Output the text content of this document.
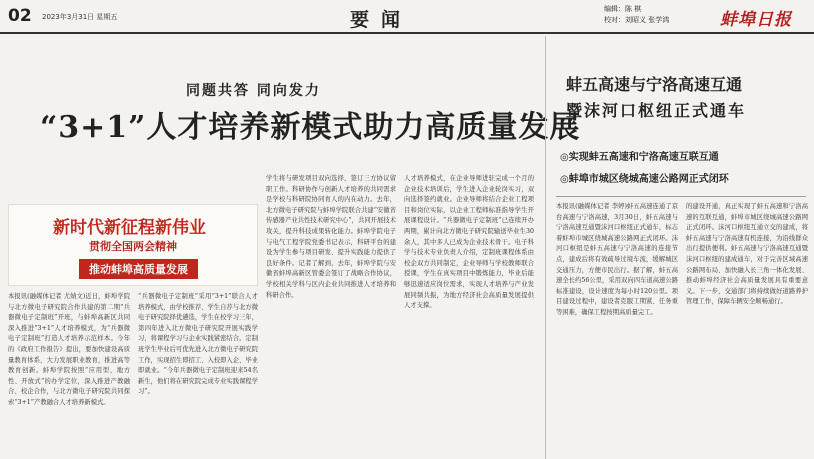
02 2023年3月31日 星期五	要闻	编辑：陈 棋
校对：刘昭义 张学鸿	蚌埠日报
同题共答 同向发力
“3+1”人才培养新模式助力高质量发展
新时代新征程新伟业
贯彻全国两会精神
推动蚌埠高质量发展
本报讯(融媒体记者 尤婧文)近日，蚌埠学院与北方微电子研究院合作共建的第二期“兵器微电子定制班”开班，与蚌埠高新区共同深入推进“3+1”人才培养模式，为“兵器微电子定制班”打造人才培养示范样本。今年的《政府工作报告》提出，要加快建设高质量教育体系，大力发展职业教育，推进高等教育创新。蚌埠学院按照“应用型、地方性、开放式”的办学定位，深入推进产教融合、校企合作，与北方微电子研究院共同探索“3+1”产教融合人才培养新模式。
“兵器微电子定制班”采用“3+1”联合人才培养模式，由学校推荐、学生自荐与北方微电子研究院择优遴选，学生在校学习三年，第四年进入北方微电子研究院开展实践学习，将课程学习与企业实践紧密结合。定制班学生毕业后可优先进入北方微电子研究院工作，实现招生即招工、入校即入企、毕业即就业。“今年兵器微电子定制班迎来54名新生，他们将在研究院完成专业实践课程学习”。
学生将与研发项目双向选择，签订三方协议留职工作。科研协作与创新人才培养的共同需求是学校与科研院协同育人的内在动力。去年，北方微电子研究院与蚌埠学院联合共建“安徽省传感器产业共性技术研究中心”，共同开展技术攻关，提升科技成果转化能力。蚌埠学院电子与电气工程学院党委书记表示，科研平台的建设为学生参与项目研发、提升实践能力提供了良好条件。记者了解到，去年，蚌埠学院与安徽省蚌埠高新区管委会签订了战略合作协议，学校相关学科与区内企业共同推进人才培养和科研合作。
人才培养模式，在企业导师进驻完成一个月的企业技术培训后，学生进入企业轮岗实习，双向选择签约就业。企业导师将结合企业工程项目和岗位实际，以企业工程师标准指导学生开展课程设计。“兵器微电子定制班”已连续开办两期，累计向北方微电子研究院输送毕业生30余人，其中多人已成为企业技术骨干。电子科学与技术专业负责人介绍，定制班课程体系由校企双方共同制定，企业导师与学校教师联合授课，学生在真实项目中锻炼能力，毕业后能够迅速适应岗位需求，实现人才培养与产业发展同频共振，为地方经济社会高质量发展提供人才支撑。
蚌五高速与宁洛高速互通
暨沫河口枢纽正式通车
◎实现蚌五高速和宁洛高速互联互通
◎蚌埠市城区绕城高速公路网正式闭环
本报讯(融媒体记者 李婷)蚌五高速连通了京台高速与宁洛高速，3月30日，蚌五高速与宁洛高速互通暨沫河口枢纽正式通车，标志着蚌埠市城区绕城高速公路网正式闭环。沫河口枢纽是蚌五高速与宁洛高速的连接节点，建成后将有效疏导过境车流，缓解城区交通压力，方便市民出行。据了解，蚌五高速全长约56公里，采用双向四车道高速公路标准建设，设计速度为每小时120公里。项目建设过程中，建设者克服工期紧、任务重等困难，确保工程按期高质量完工。
的建设开通，真正实现了蚌五高速和宁洛高速的互联互通，蚌埠市城区绕城高速公路网正式闭环。沫河口枢纽互通立交的建成，将蚌五高速与宁洛高速有机连接，为沿线群众出行提供便利。蚌五高速与宁洛高速互通暨沫河口枢纽的建成通车，对于完善区域高速公路网布局、加快融入长三角一体化发展、推动蚌埠经济社会高质量发展具有重要意义。下一步，交通部门将持续做好道路养护管理工作，保障车辆安全顺畅通行。
